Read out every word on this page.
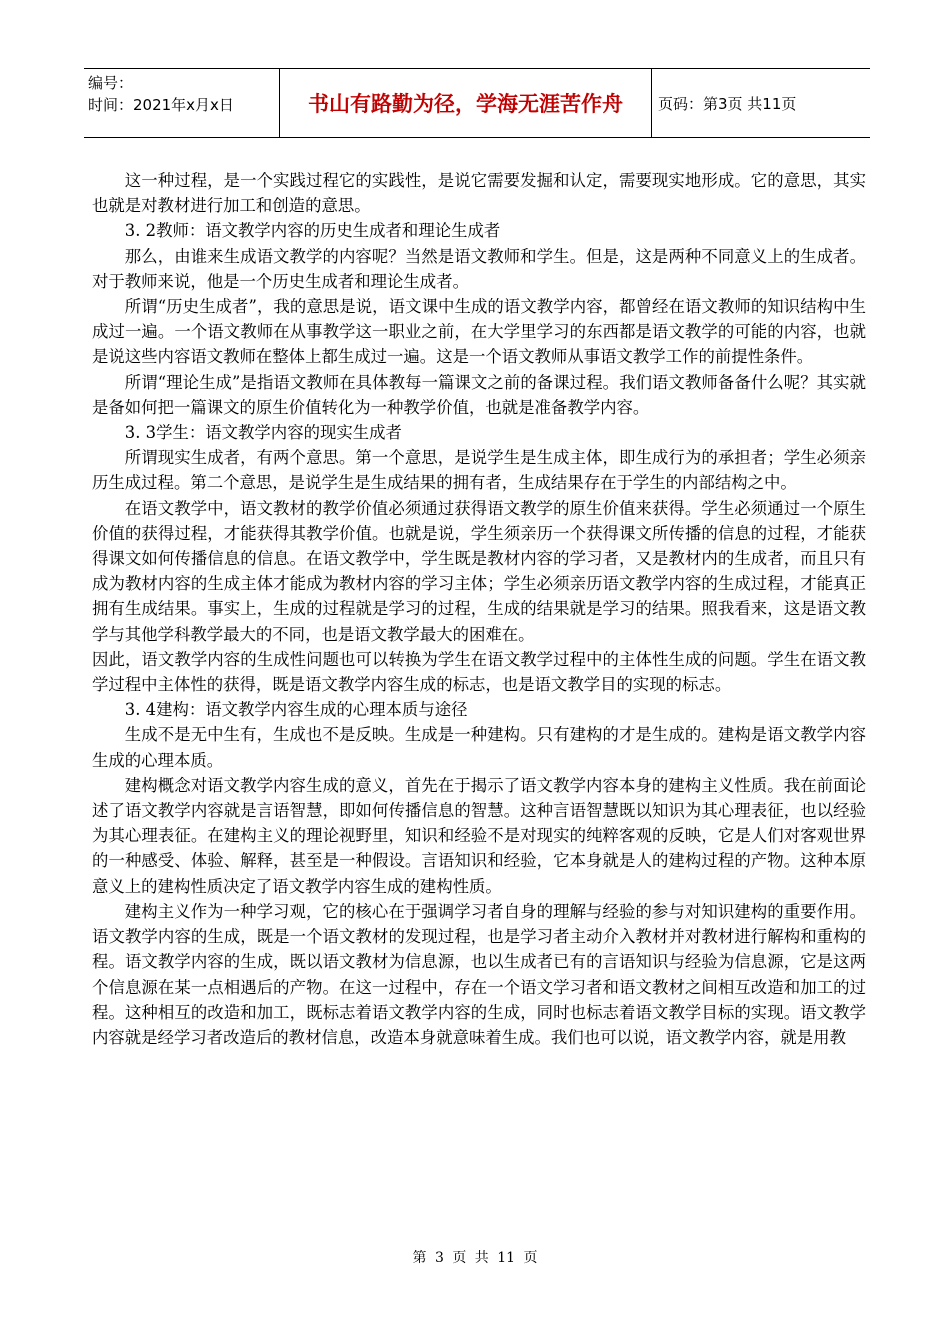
编号：
时间：2021年x月x日	书山有路勤为径，学海无涯苦作舟	页码：第3页 共11页

这一种过程，是一个实践过程它的实践性，是说它需要发掘和认定，需要现实地形成。它的意思，其实也就是对教材进行加工和创造的意思。

3. 2教师：语文教学内容的历史生成者和理论生成者

那么，由谁来生成语文教学的内容呢？当然是语文教师和学生。但是，这是两种不同意义上的生成者。对于教师来说，他是一个历史生成者和理论生成者。

所谓“历史生成者”，我的意思是说，语文课中生成的语文教学内容，都曾经在语文教师的知识结构中生成过一遍。一个语文教师在从事教学这一职业之前，在大学里学习的东西都是语文教学的可能的内容，也就是说这些内容语文教师在整体上都生成过一遍。这是一个语文教师从事语文教学工作的前提性条件。

所谓“理论生成”是指语文教师在具体教每一篇课文之前的备课过程。我们语文教师备备什么呢？其实就是备如何把一篇课文的原生价值转化为一种教学价值，也就是准备教学内容。

3. 3学生：语文教学内容的现实生成者

所谓现实生成者，有两个意思。第一个意思，是说学生是生成主体，即生成行为的承担者；学生必须亲历生成过程。第二个意思，是说学生是生成结果的拥有者，生成结果存在于学生的内部结构之中。

在语文教学中，语文教材的教学价值必须通过获得语文教学的原生价值来获得。学生必须通过一个原生价值的获得过程，才能获得其教学价值。也就是说，学生须亲历一个获得课文所传播的信息的过程，才能获得课文如何传播信息的信息。在语文教学中，学生既是教材内容的学习者，又是教材内的生成者，而且只有成为教材内容的生成主体才能成为教材内容的学习主体；学生必须亲历语文教学内容的生成过程，才能真正拥有生成结果。事实上，生成的过程就是学习的过程，生成的结果就是学习的结果。照我看来，这是语文教学与其他学科教学最大的不同，也是语文教学最大的困难在。

因此，语文教学内容的生成性问题也可以转换为学生在语文教学过程中的主体性生成的问题。学生在语文教学过程中主体性的获得，既是语文教学内容生成的标志，也是语文教学目的实现的标志。

3. 4建构：语文教学内容生成的心理本质与途径

生成不是无中生有，生成也不是反映。生成是一种建构。只有建构的才是生成的。建构是语文教学内容生成的心理本质。

建构概念对语文教学内容生成的意义，首先在于揭示了语文教学内容本身的建构主义性质。我在前面论述了语文教学内容就是言语智慧，即如何传播信息的智慧。这种言语智慧既以知识为其心理表征，也以经验为其心理表征。在建构主义的理论视野里，知识和经验不是对现实的纯粹客观的反映，它是人们对客观世界的一种感受、体验、解释，甚至是一种假设。言语知识和经验，它本身就是人的建构过程的产物。这种本原意义上的建构性质决定了语文教学内容生成的建构性质。

建构主义作为一种学习观，它的核心在于强调学习者自身的理解与经验的参与对知识建构的重要作用。语文教学内容的生成，既是一个语文教材的发现过程，也是学习者主动介入教材并对教材进行解构和重构的程。语文教学内容的生成，既以语文教材为信息源，也以生成者已有的言语知识与经验为信息源，它是这两个信息源在某一点相遇后的产物。在这一过程中，存在一个语文学习者和语文教材之间相互改造和加工的过程。这种相互的改造和加工，既标志着语文教学内容的生成，同时也标志着语文教学目标的实现。语文教学内容就是经学习者改造后的教材信息，改造本身就意味着生成。我们也可以说，语文教学内容，就是用教

第 3 页 共 11 页
